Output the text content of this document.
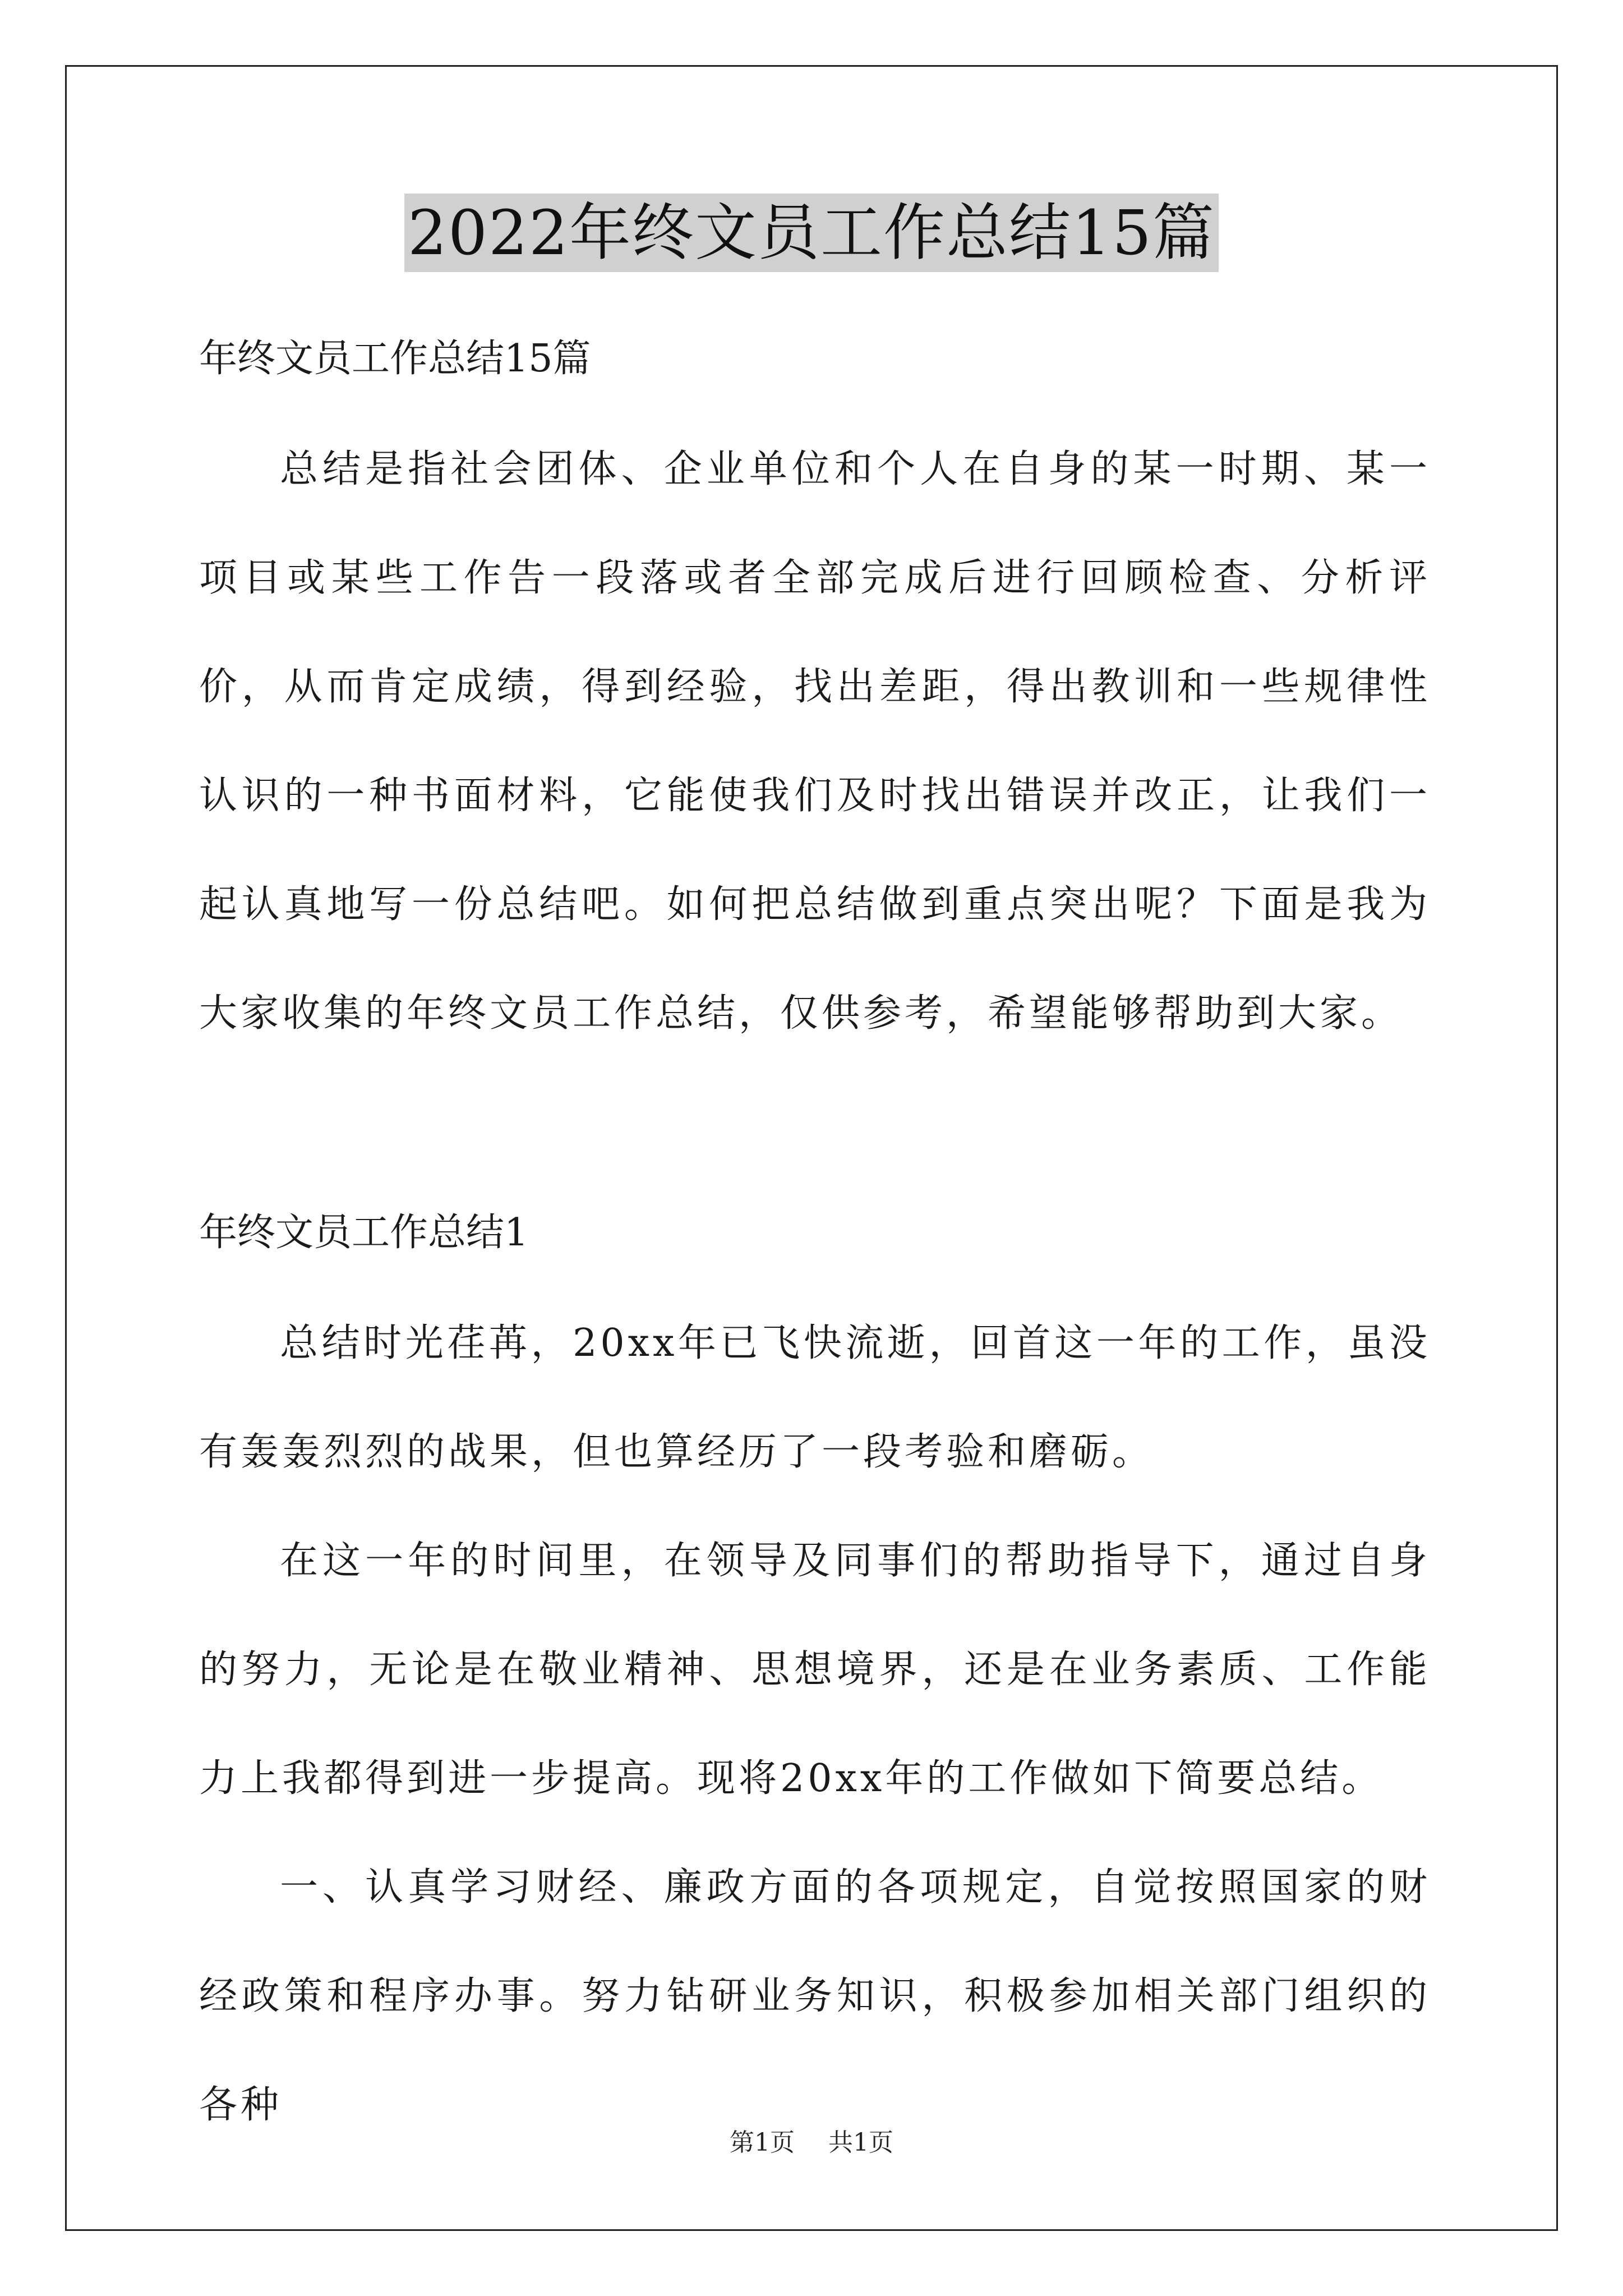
2022年终文员工作总结15篇

年终文员工作总结15篇

总结是指社会团体、企业单位和个人在自身的某一时期、某一项目或某些工作告一段落或者全部完成后进行回顾检查、分析评价，从而肯定成绩，得到经验，找出差距，得出教训和一些规律性认识的一种书面材料，它能使我们及时找出错误并改正，让我们一起认真地写一份总结吧。如何把总结做到重点突出呢？下面是我为大家收集的年终文员工作总结，仅供参考，希望能够帮助到大家。

年终文员工作总结1

总结时光荏苒，20xx年已飞快流逝，回首这一年的工作，虽没有轰轰烈烈的战果，但也算经历了一段考验和磨砺。

在这一年的时间里，在领导及同事们的帮助指导下，通过自身的努力，无论是在敬业精神、思想境界，还是在业务素质、工作能力上我都得到进一步提高。现将20xx年的工作做如下简要总结。

一、认真学习财经、廉政方面的各项规定，自觉按照国家的财经政策和程序办事。努力钻研业务知识，积极参加相关部门组织的各种

第1页 共1页
